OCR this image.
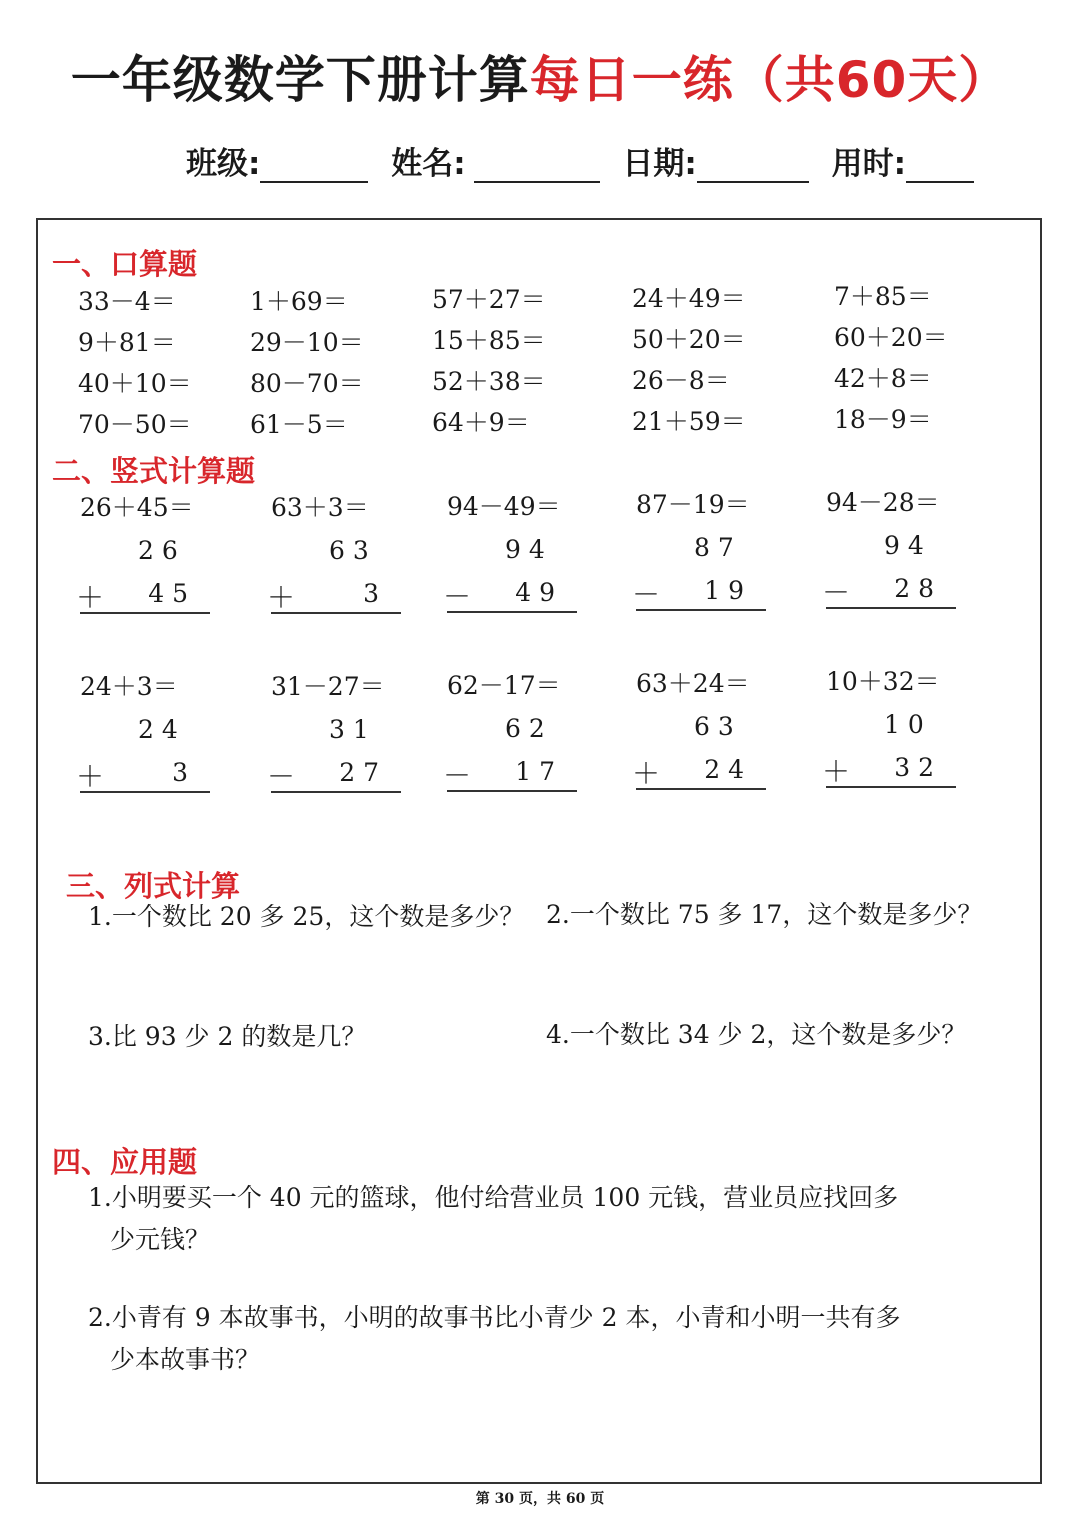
一年级数学下册计算每日一练（共60天）
班级:	姓名:	日期:	用时:
一、口算题
33－4＝	1＋69＝	57＋27＝	24＋49＝	7＋85＝
9＋81＝	29－10＝	15＋85＝	50＋20＝	60＋20＝
40＋10＝ 80－70＝	52＋38＝	26－8＝	42＋8＝
70－50＝ 61－5＝	64＋9＝	21＋59＝	18－9＝
二、竖式计算题
26＋45＝
2 6
＋	4 5
63＋3＝
6 3
＋	3
94－49＝
9 4
－	4 9
87－19＝
8 7
－	1 9
94－28＝
9 4
－	2 8
24＋3＝
2 4
＋	3
31－27＝
3 1
－	2 7
62－17＝
6 2
－	1 7
63＋24＝
6 3
＋	2 4
10＋32＝
1 0
＋	3 2
三、列式计算
1.一个数比 20 多 25，这个数是多少？ 2.一个数比 75 多 17，这个数是多少？
3.比 93 少 2 的数是几？	4.一个数比 34 少 2，这个数是多少？
四、应用题
1.小明要买一个 40 元的篮球，他付给营业员 100 元钱，营业员应找回多
少元钱？
2.小青有 9 本故事书，小明的故事书比小青少 2 本，小青和小明一共有多
少本故事书？
第 30 页，共 60 页
